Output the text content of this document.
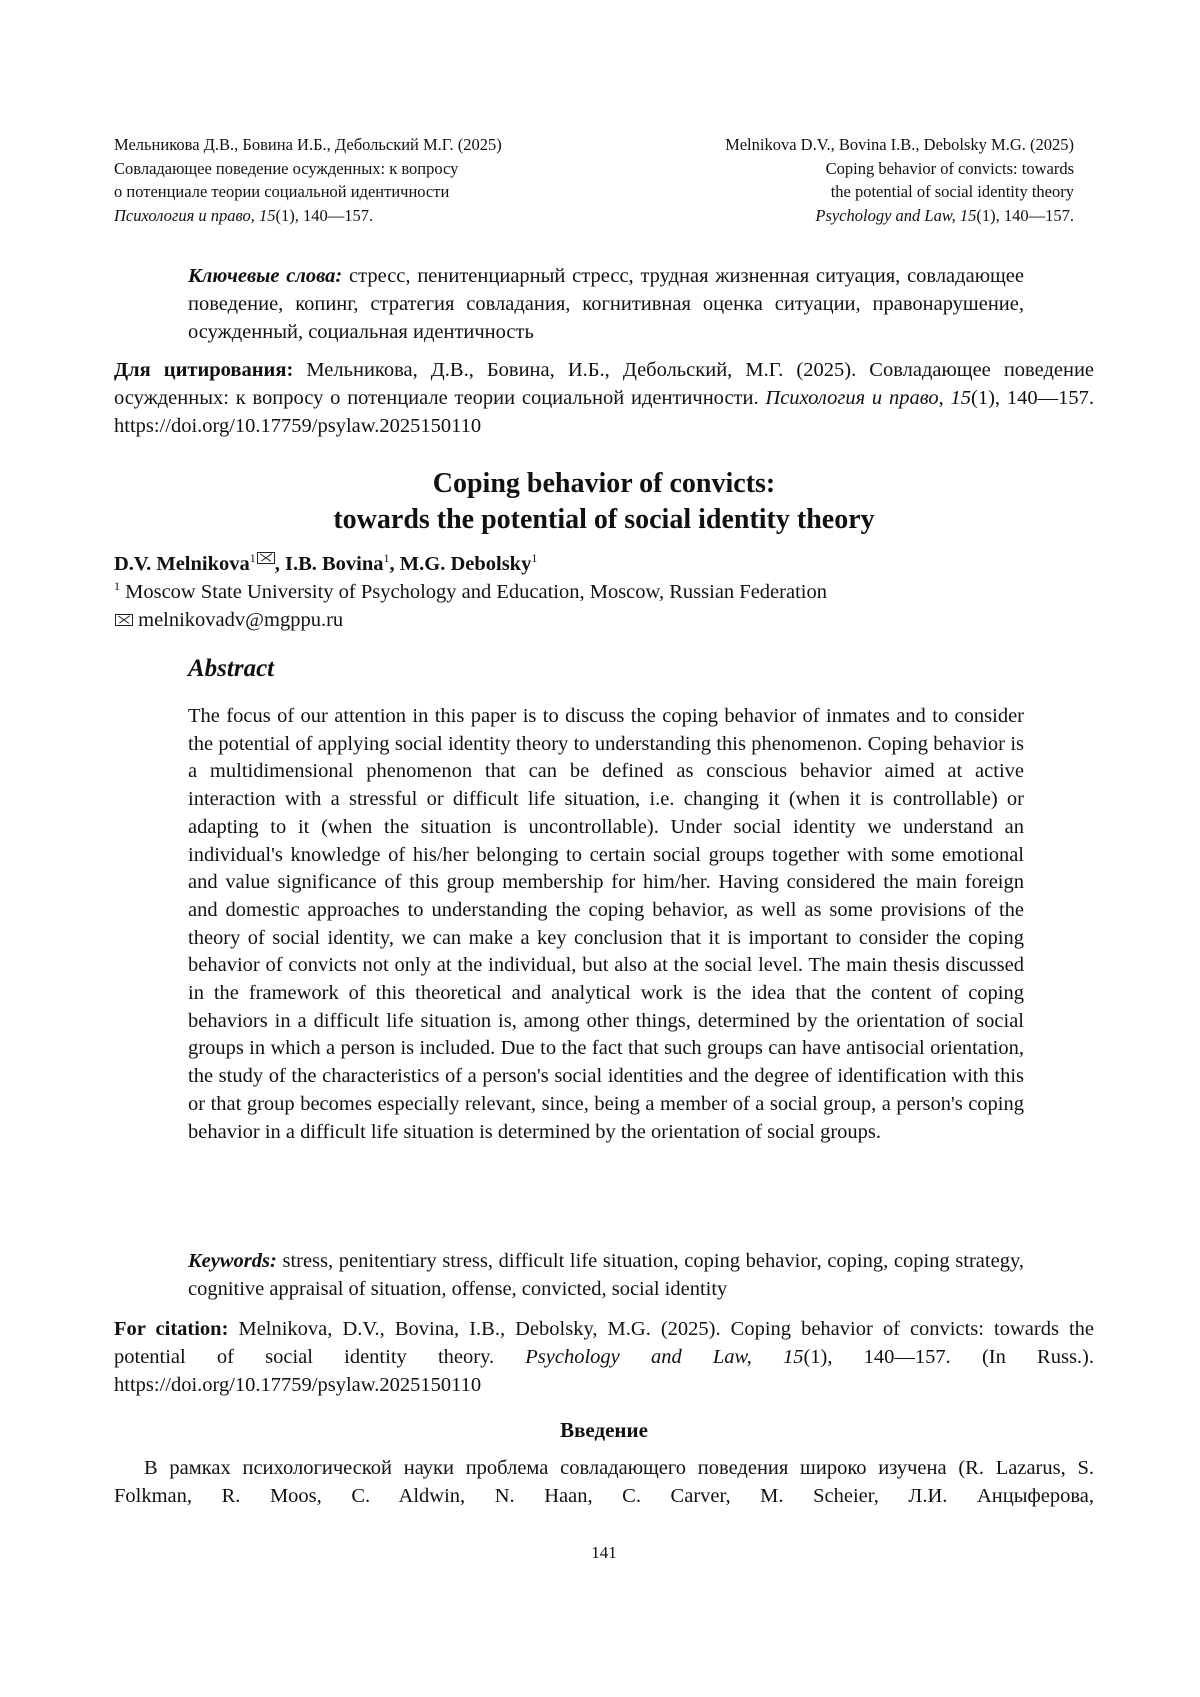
Мельникова Д.В., Бовина И.Б., Дебольский М.Г. (2025)
Совладающее поведение осужденных: к вопросу
о потенциале теории социальной идентичности
Психология и право, 15(1), 140—157.
Melnikova D.V., Bovina I.B., Debolsky M.G. (2025)
Coping behavior of convicts: towards
the potential of social identity theory
Psychology and Law, 15(1), 140—157.
Ключевые слова: стресс, пенитенциарный стресс, трудная жизненная ситуация, совладающее поведение, копинг, стратегия совладания, когнитивная оценка ситуации, правонарушение, осужденный, социальная идентичность
Для цитирования: Мельникова, Д.В., Бовина, И.Б., Дебольский, М.Г. (2025). Совладающее поведение осужденных: к вопросу о потенциале теории социальной идентичности. Психология и право, 15(1), 140—157. https://doi.org/10.17759/psylaw.2025150110
Coping behavior of convicts:
towards the potential of social identity theory
D.V. Melnikova$^1$ , I.B. Bovina$^1$, M.G. Debolsky$^1$
$^1$ Moscow State University of Psychology and Education, Moscow, Russian Federation
melnikovadv@mgppu.ru
Abstract
The focus of our attention in this paper is to discuss the coping behavior of inmates and to consider the potential of applying social identity theory to understanding this phenomenon. Coping behavior is a multidimensional phenomenon that can be defined as conscious behavior aimed at active interaction with a stressful or difficult life situation, i.e. changing it (when it is controllable) or adapting to it (when the situation is uncontrollable). Under social identity we understand an individual's knowledge of his/her belonging to certain social groups together with some emotional and value significance of this group membership for him/her. Having considered the main foreign and domestic approaches to understanding the coping behavior, as well as some provisions of the theory of social identity, we can make a key conclusion that it is important to consider the coping behavior of convicts not only at the individual, but also at the social level. The main thesis discussed in the framework of this theoretical and analytical work is the idea that the content of coping behaviors in a difficult life situation is, among other things, determined by the orientation of social groups in which a person is included. Due to the fact that such groups can have antisocial orientation, the study of the characteristics of a person's social identities and the degree of identification with this or that group becomes especially relevant, since, being a member of a social group, a person's coping behavior in a difficult life situation is determined by the orientation of social groups.
Keywords: stress, penitentiary stress, difficult life situation, coping behavior, coping, coping strategy, cognitive appraisal of situation, offense, convicted, social identity
For citation: Melnikova, D.V., Bovina, I.B., Debolsky, M.G. (2025). Coping behavior of convicts: towards the potential of social identity theory. Psychology and Law, 15(1), 140—157. (In Russ.). https://doi.org/10.17759/psylaw.2025150110
Введение
В рамках психологической науки проблема совладающего поведения широко изучена (R. Lazarus, S. Folkman, R. Moos, C. Aldwin, N. Haan, C. Carver, M. Scheier, Л.И. Анцыферова,
141
